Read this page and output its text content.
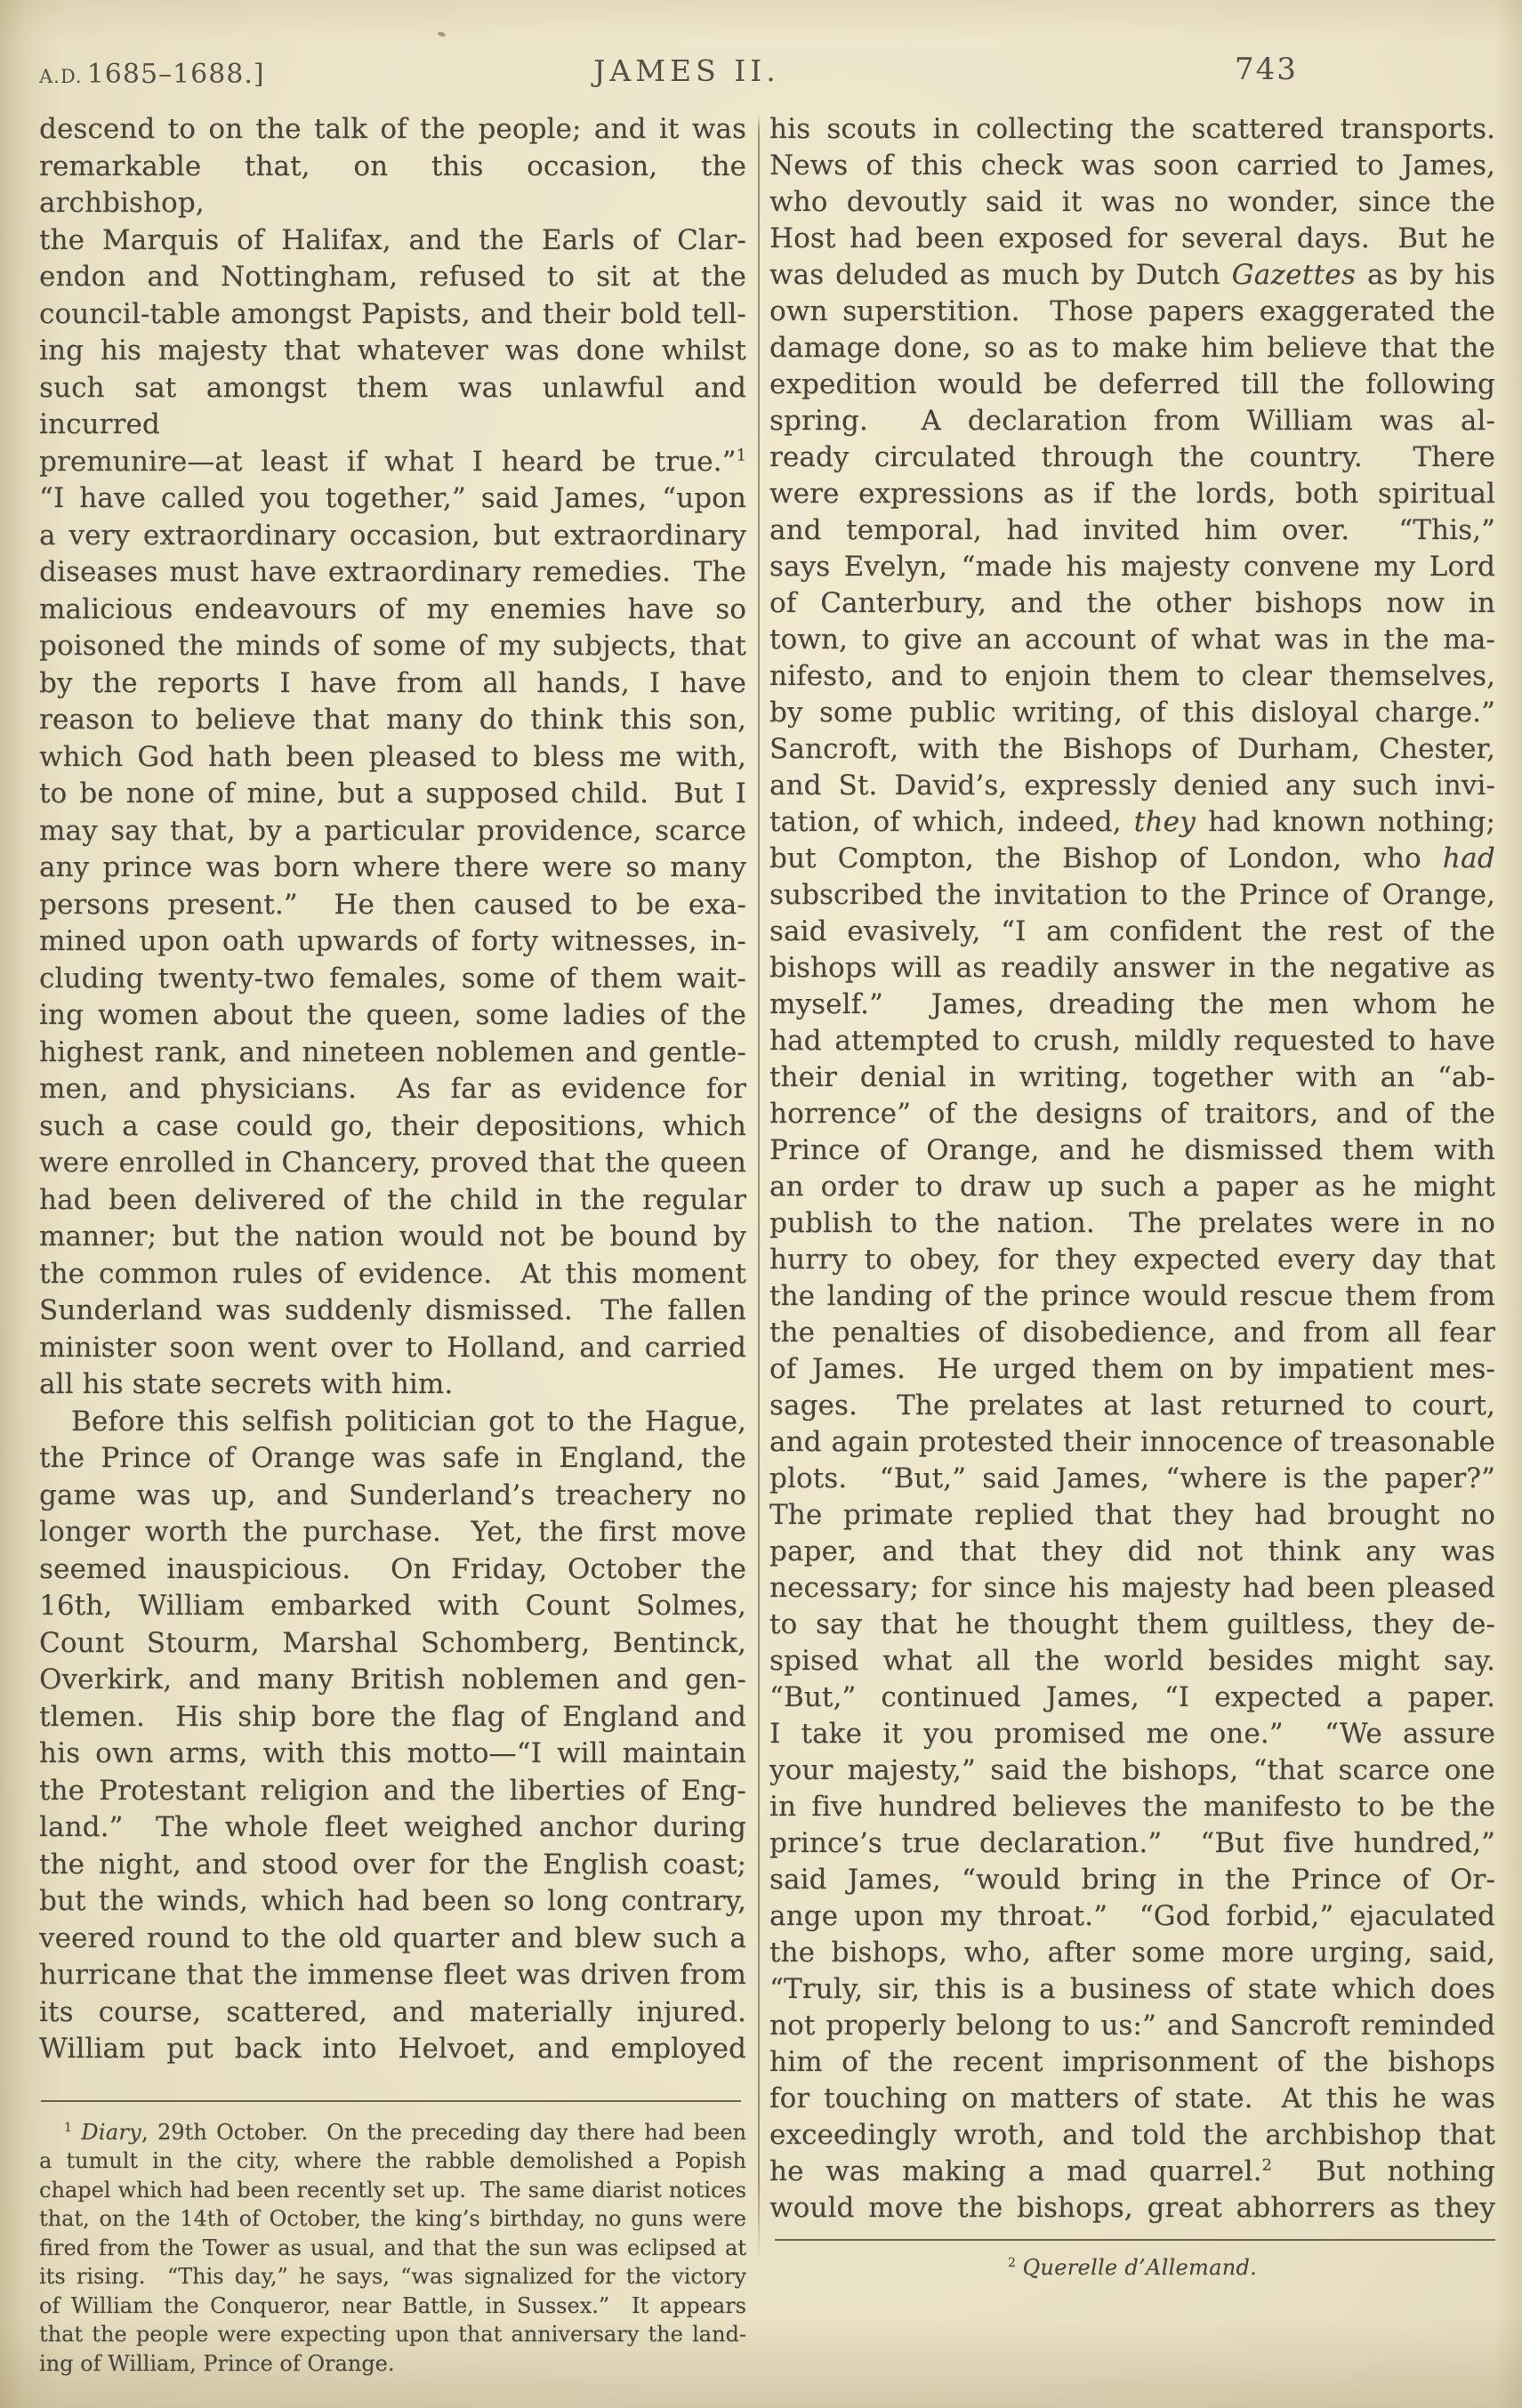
A.D. 1685–1688.]	JAMES II.	743
descend to on the talk of the people; and it was
remarkable that, on this occasion, the archbishop,
the Marquis of Halifax, and the Earls of Clar-
endon and Nottingham, refused to sit at the
council-table amongst Papists, and their bold tell-
ing his majesty that whatever was done whilst
such sat amongst them was unlawful and incurred
premunire—at least if what I heard be true.”$^1$
“I have called you together,” said James, “upon
a very extraordinary occasion, but extraordinary
diseases must have extraordinary remedies.  The
malicious endeavours of my enemies have so
poisoned the minds of some of my subjects, that
by the reports I have from all hands, I have
reason to believe that many do think this son,
which God hath been pleased to bless me with,
to be none of mine, but a supposed child.  But I
may say that, by a particular providence, scarce
any prince was born where there were so many
persons present.”  He then caused to be exa-
mined upon oath upwards of forty witnesses, in-
cluding twenty-two females, some of them wait-
ing women about the queen, some ladies of the
highest rank, and nineteen noblemen and gentle-
men, and physicians.  As far as evidence for
such a case could go, their depositions, which
were enrolled in Chancery, proved that the queen
had been delivered of the child in the regular
manner; but the nation would not be bound by
the common rules of evidence.  At this moment
Sunderland was suddenly dismissed.  The fallen
minister soon went over to Holland, and carried
all his state secrets with him.
Before this selfish politician got to the Hague,
the Prince of Orange was safe in England, the
game was up, and Sunderland’s treachery no
longer worth the purchase.  Yet, the first move
seemed inauspicious.  On Friday, October the
16th, William embarked with Count Solmes,
Count Stourm, Marshal Schomberg, Bentinck,
Overkirk, and many British noblemen and gen-
tlemen.  His ship bore the flag of England and
his own arms, with this motto—“I will maintain
the Protestant religion and the liberties of Eng-
land.”  The whole fleet weighed anchor during
the night, and stood over for the English coast;
but the winds, which had been so long contrary,
veered round to the old quarter and blew such a
hurricane that the immense fleet was driven from
its course, scattered, and materially injured.
William put back into Helvoet, and employed
$^1$ Diary, 29th October.  On the preceding day there had been
a tumult in the city, where the rabble demolished a Popish
chapel which had been recently set up.  The same diarist notices
that, on the 14th of October, the king’s birthday, no guns were
fired from the Tower as usual, and that the sun was eclipsed at
its rising.  “This day,” he says, “was signalized for the victory
of William the Conqueror, near Battle, in Sussex.”  It appears
that the people were expecting upon that anniversary the land-
ing of William, Prince of Orange.
his scouts in collecting the scattered transports.
News of this check was soon carried to James,
who devoutly said it was no wonder, since the
Host had been exposed for several days.  But he
was deluded as much by Dutch Gazettes as by his
own superstition.  Those papers exaggerated the
damage done, so as to make him believe that the
expedition would be deferred till the following
spring.  A declaration from William was al-
ready circulated through the country.  There
were expressions as if the lords, both spiritual
and temporal, had invited him over.  “This,”
says Evelyn, “made his majesty convene my Lord
of Canterbury, and the other bishops now in
town, to give an account of what was in the ma-
nifesto, and to enjoin them to clear themselves,
by some public writing, of this disloyal charge.”
Sancroft, with the Bishops of Durham, Chester,
and St. David’s, expressly denied any such invi-
tation, of which, indeed, they had known nothing;
but Compton, the Bishop of London, who had
subscribed the invitation to the Prince of Orange,
said evasively, “I am confident the rest of the
bishops will as readily answer in the negative as
myself.”  James, dreading the men whom he
had attempted to crush, mildly requested to have
their denial in writing, together with an “ab-
horrence” of the designs of traitors, and of the
Prince of Orange, and he dismissed them with
an order to draw up such a paper as he might
publish to the nation.  The prelates were in no
hurry to obey, for they expected every day that
the landing of the prince would rescue them from
the penalties of disobedience, and from all fear
of James.  He urged them on by impatient mes-
sages.  The prelates at last returned to court,
and again protested their innocence of treasonable
plots.  “But,” said James, “where is the paper?”
The primate replied that they had brought no
paper, and that they did not think any was
necessary; for since his majesty had been pleased
to say that he thought them guiltless, they de-
spised what all the world besides might say.
“But,” continued James, “I expected a paper.
I take it you promised me one.”  “We assure
your majesty,” said the bishops, “that scarce one
in five hundred believes the manifesto to be the
prince’s true declaration.”  “But five hundred,”
said James, “would bring in the Prince of Or-
ange upon my throat.”  “God forbid,” ejaculated
the bishops, who, after some more urging, said,
“Truly, sir, this is a business of state which does
not properly belong to us:” and Sancroft reminded
him of the recent imprisonment of the bishops
for touching on matters of state.  At this he was
exceedingly wroth, and told the archbishop that
he was making a mad quarrel.$^2$  But nothing
would move the bishops, great abhorrers as they
$^2$ Querelle d’Allemand.
